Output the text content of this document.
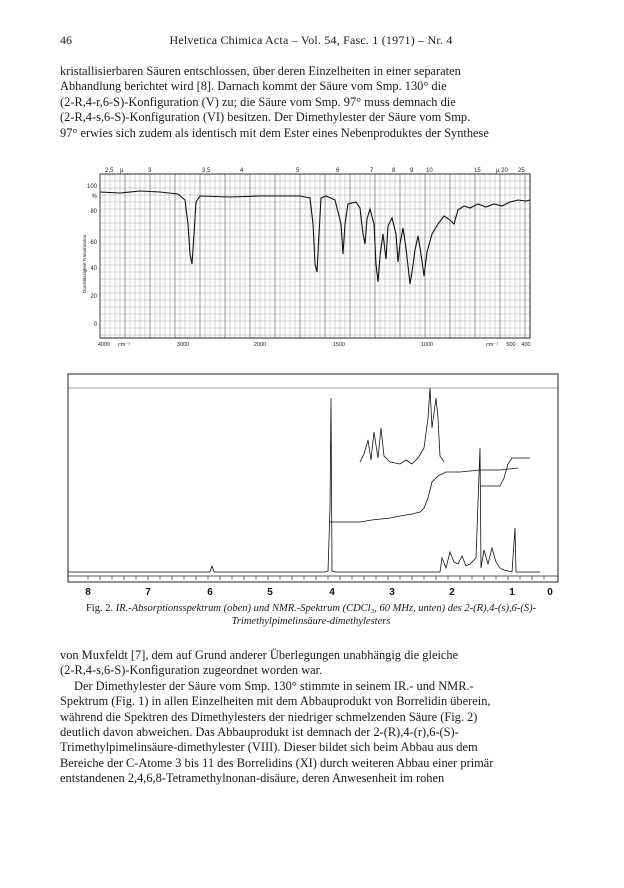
46	Helvetica Chimica Acta – Vol. 54, Fasc. 1 (1971) – Nr. 4
kristallisierbaren Säuren entschlossen, über deren Einzelheiten in einer separaten
Abhandlung berichtet wird [8]. Darnach kommt der Säure vom Smp. 130° die
(2-R,4-r,6-S)-Konfiguration (V) zu; die Säure vom Smp. 97° muss demnach die
(2-R,4-s,6-S)-Konfiguration (VI) besitzen. Der Dimethylester der Säure vom Smp.
97° erwies sich zudem als identisch mit dem Ester eines Nebenproduktes der Synthese
2,5 µ	3	3,5	4	5	6	7	8 9 10	15	µ 20 25
100
%
80
60
40
20
0
Durchlässigkeit Transmission
4000 cm⁻¹	3000	2000	1500	1000	cm⁻¹ 500 400
8	7	6	5	4	3	2	1	0
Fig. 2. IR.-Absorptionsspektrum (oben) und NMR.-Spektrum (CDCl₃, 60 MHz, unten) des 2-(R),4-(s),6-(S)-Trimethylpimelinsäure-dimethylesters
von Muxfeldt [7], dem auf Grund anderer Überlegungen unabhängig die gleiche
(2-R,4-s,6-S)-Konfiguration zugeordnet worden war.
Der Dimethylester der Säure vom Smp. 130° stimmte in seinem IR.- und NMR.-
Spektrum (Fig. 1) in allen Einzelheiten mit dem Abbauprodukt von Borrelidin überein,
während die Spektren des Dimethylesters der niedriger schmelzenden Säure (Fig. 2)
deutlich davon abweichen. Das Abbauprodukt ist demnach der 2-(R),4-(r),6-(S)-
Trimethylpimelinsäure-dimethylester (VIII). Dieser bildet sich beim Abbau aus dem
Bereiche der C-Atome 3 bis 11 des Borrelidins (XI) durch weiteren Abbau einer primär
entstandenen 2,4,6,8-Tetramethylnonan-disäure, deren Anwesenheit im rohen
